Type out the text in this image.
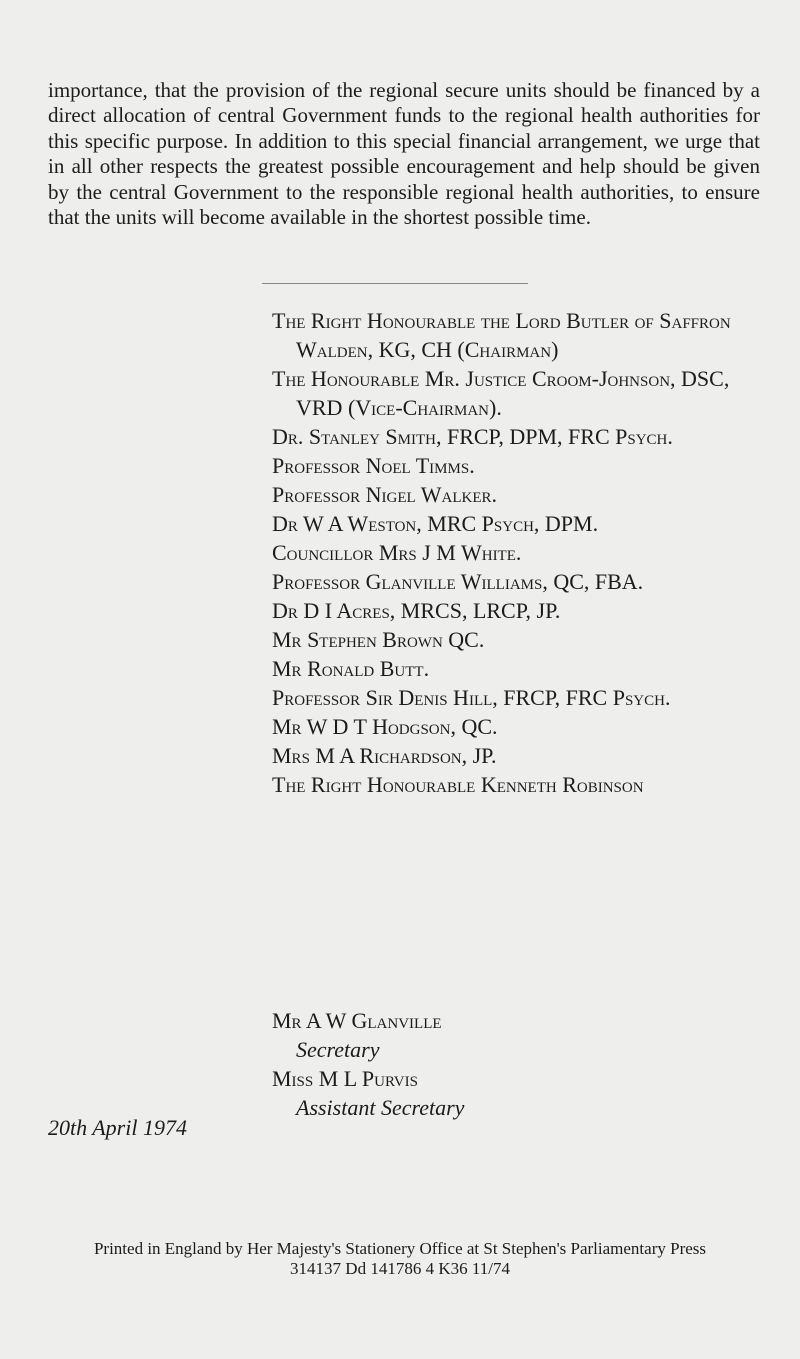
importance, that the provision of the regional secure units should be financed by a direct allocation of central Government funds to the regional health authorities for this specific purpose. In addition to this special financial arrangement, we urge that in all other respects the greatest possible encouragement and help should be given by the central Government to the responsible regional health authorities, to ensure that the units will become available in the shortest possible time.

The Right Honourable the Lord Butler of Saffron Walden, KG, CH (Chairman)
The Honourable Mr. Justice Croom-Johnson, DSC, VRD (Vice-Chairman).
Dr. Stanley Smith, FRCP, DPM, FRC Psych.
Professor Noel Timms.
Professor Nigel Walker.
Dr W A Weston, MRC Psych, DPM.
Councillor Mrs J M White.
Professor Glanville Williams, QC, FBA.
Dr D I Acres, MRCS, LRCP, JP.
Mr Stephen Brown QC.
Mr Ronald Butt.
Professor Sir Denis Hill, FRCP, FRC Psych.
Mr W D T Hodgson, QC.
Mrs M A Richardson, JP.
The Right Honourable Kenneth Robinson
Mr A W Glanville
Secretary
Miss M L Purvis
Assistant Secretary
20th April 1974
Printed in England by Her Majesty's Stationery Office at St Stephen's Parliamentary Press
314137 Dd 141786 4 K36 11/74
